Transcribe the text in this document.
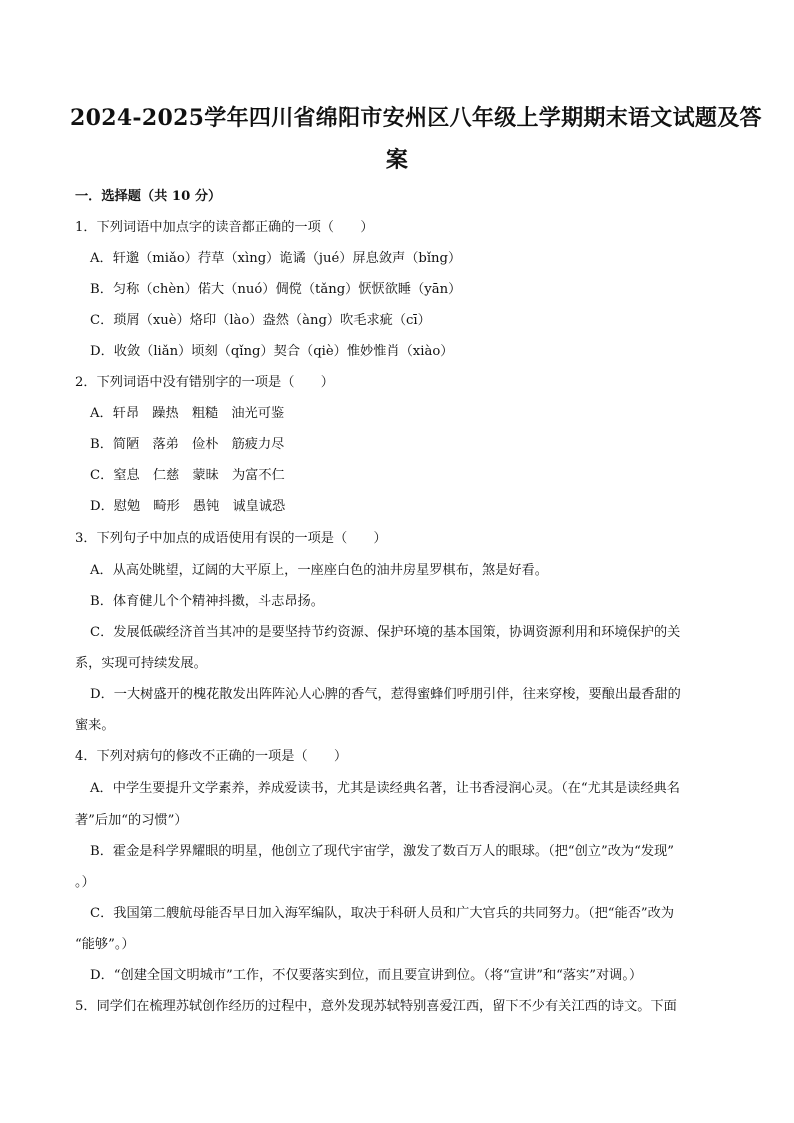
2024-2025学年四川省绵阳市安州区八年级上学期期末语文试题及答
案
一．选择题（共 10 分）
1．下列词语中加点字的读音都正确的一项（　　）
A．轩邈（miǎo）荇草（xìng）诡谲（jué）屏息敛声（bǐng）
B．匀称（chèn）偌大（nuó）倜傥（tǎng）恹恹欲睡（yān）
C．琐屑（xuè）烙印（lào）盎然（àng）吹毛求疵（cī）
D．收敛（liǎn）顷刻（qǐng）契合（qiè）惟妙惟肖（xiào）
2．下列词语中没有错别字的一项是（　　）
A．轩昂　躁热　粗糙　油光可鉴
B．简陋　落弟　俭朴　筋疲力尽
C．窒息　仁慈　蒙昧　为富不仁
D．慰勉　畸形　愚钝　诚皇诚恐
3．下列句子中加点的成语使用有误的一项是（　　）
A．从高处眺望，辽阔的大平原上，一座座白色的油井房星罗棋布，煞是好看。
B．体育健儿个个精神抖擞，斗志昂扬。
C．发展低碳经济首当其冲的是要坚持节约资源、保护环境的基本国策，协调资源利用和环境保护的关
系，实现可持续发展。
D．一大树盛开的槐花散发出阵阵沁人心脾的香气，惹得蜜蜂们呼朋引伴，往来穿梭，要酿出最香甜的
蜜来。
4．下列对病句的修改不正确的一项是（　　）
A．中学生要提升文学素养，养成爱读书，尤其是读经典名著，让书香浸润心灵。（在“尤其是读经典名
著”后加“的习惯”）
B．霍金是科学界耀眼的明星，他创立了现代宇宙学，激发了数百万人的眼球。（把“创立”改为“发现”
。）
C．我国第二艘航母能否早日加入海军编队，取决于科研人员和广大官兵的共同努力。（把“能否”改为
“能够”。）
D．“创建全国文明城市”工作，不仅要落实到位，而且要宣讲到位。（将“宣讲”和“落实”对调。）
5．同学们在梳理苏轼创作经历的过程中，意外发现苏轼特别喜爱江西，留下不少有关江西的诗文。下面
